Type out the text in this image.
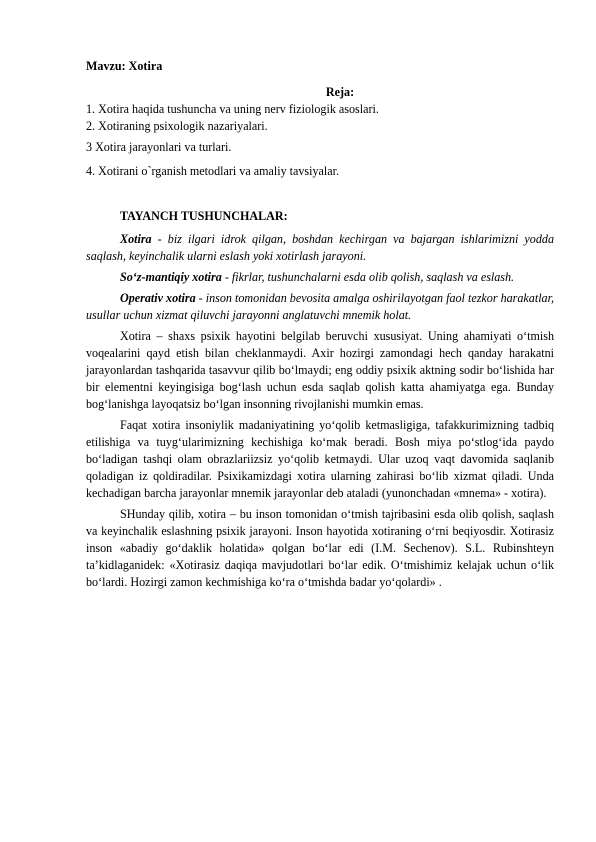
Mavzu: Xotira

Reja:

1. Xotira haqida tushuncha va uning nerv fiziologik asoslari.

2. Xotiraning psixologik nazariyalari.

3 Xotira jarayonlari va turlari.

4. Xotirani o`rganish metodlari va amaliy tavsiyalar.

TAYANCH TUSHUNCHALAR:

Xotira - biz ilgari idrok qilgan, boshdan kechirgan va bajargan ishlarimizni yodda saqlash, keyinchalik ularni eslash yoki xotirlash jarayoni.

So‘z-mantiqiy xotira - fikrlar, tushunchalarni esda olib qolish, saqlash va eslash.

Operativ xotira - inson tomonidan bevosita amalga oshirilayotgan faol tezkor harakatlar, usullar uchun xizmat qiluvchi jarayonni anglatuvchi mnemik holat.

Xotira – shaxs psixik hayotini belgilab beruvchi xususiyat. Uning ahamiyati o‘tmish voqealarini qayd etish bilan cheklanmaydi. Axir hozirgi zamondagi hech qanday harakatni jarayonlardan tashqarida tasavvur qilib bo‘lmaydi; eng oddiy psixik aktning sodir bo‘lishida har bir elementni keyingisiga bog‘lash uchun esda saqlab qolish katta ahamiyatga ega. Bunday bog‘lanishga layoqatsiz bo‘lgan insonning rivojlanishi mumkin emas.

Faqat xotira insoniylik madaniyatining yo‘qolib ketmasligiga, tafakkurimizning tadbiq etilishiga va tuyg‘ularimizning kechishiga ko‘mak beradi. Bosh miya po‘stlog‘ida paydo bo‘ladigan tashqi olam obrazlariizsiz yo‘qolib ketmaydi. Ular uzoq vaqt davomida saqlanib qoladigan iz qoldiradilar. Psixikamizdagi xotira ularning zahirasi bo‘lib xizmat qiladi. Unda kechadigan barcha jarayonlar mnemik jarayonlar deb ataladi (yunonchadan «mnema» - xotira).

SHunday qilib, xotira – bu inson tomonidan o‘tmish tajribasini esda olib qolish, saqlash va keyinchalik eslashning psixik jarayoni. Inson hayotida xotiraning o‘rni beqiyosdir. Xotirasiz inson «abadiy go‘daklik holatida» qolgan bo‘lar edi (I.M. Sechenov). S.L. Rubinshteyn ta’kidlaganidek: «Xotirasiz daqiqa mavjudotlari bo‘lar edik. O‘tmishimiz kelajak uchun o‘lik bo‘lardi. Hozirgi zamon kechmishiga ko‘ra o‘tmishda badar yo‘qolardi» .
